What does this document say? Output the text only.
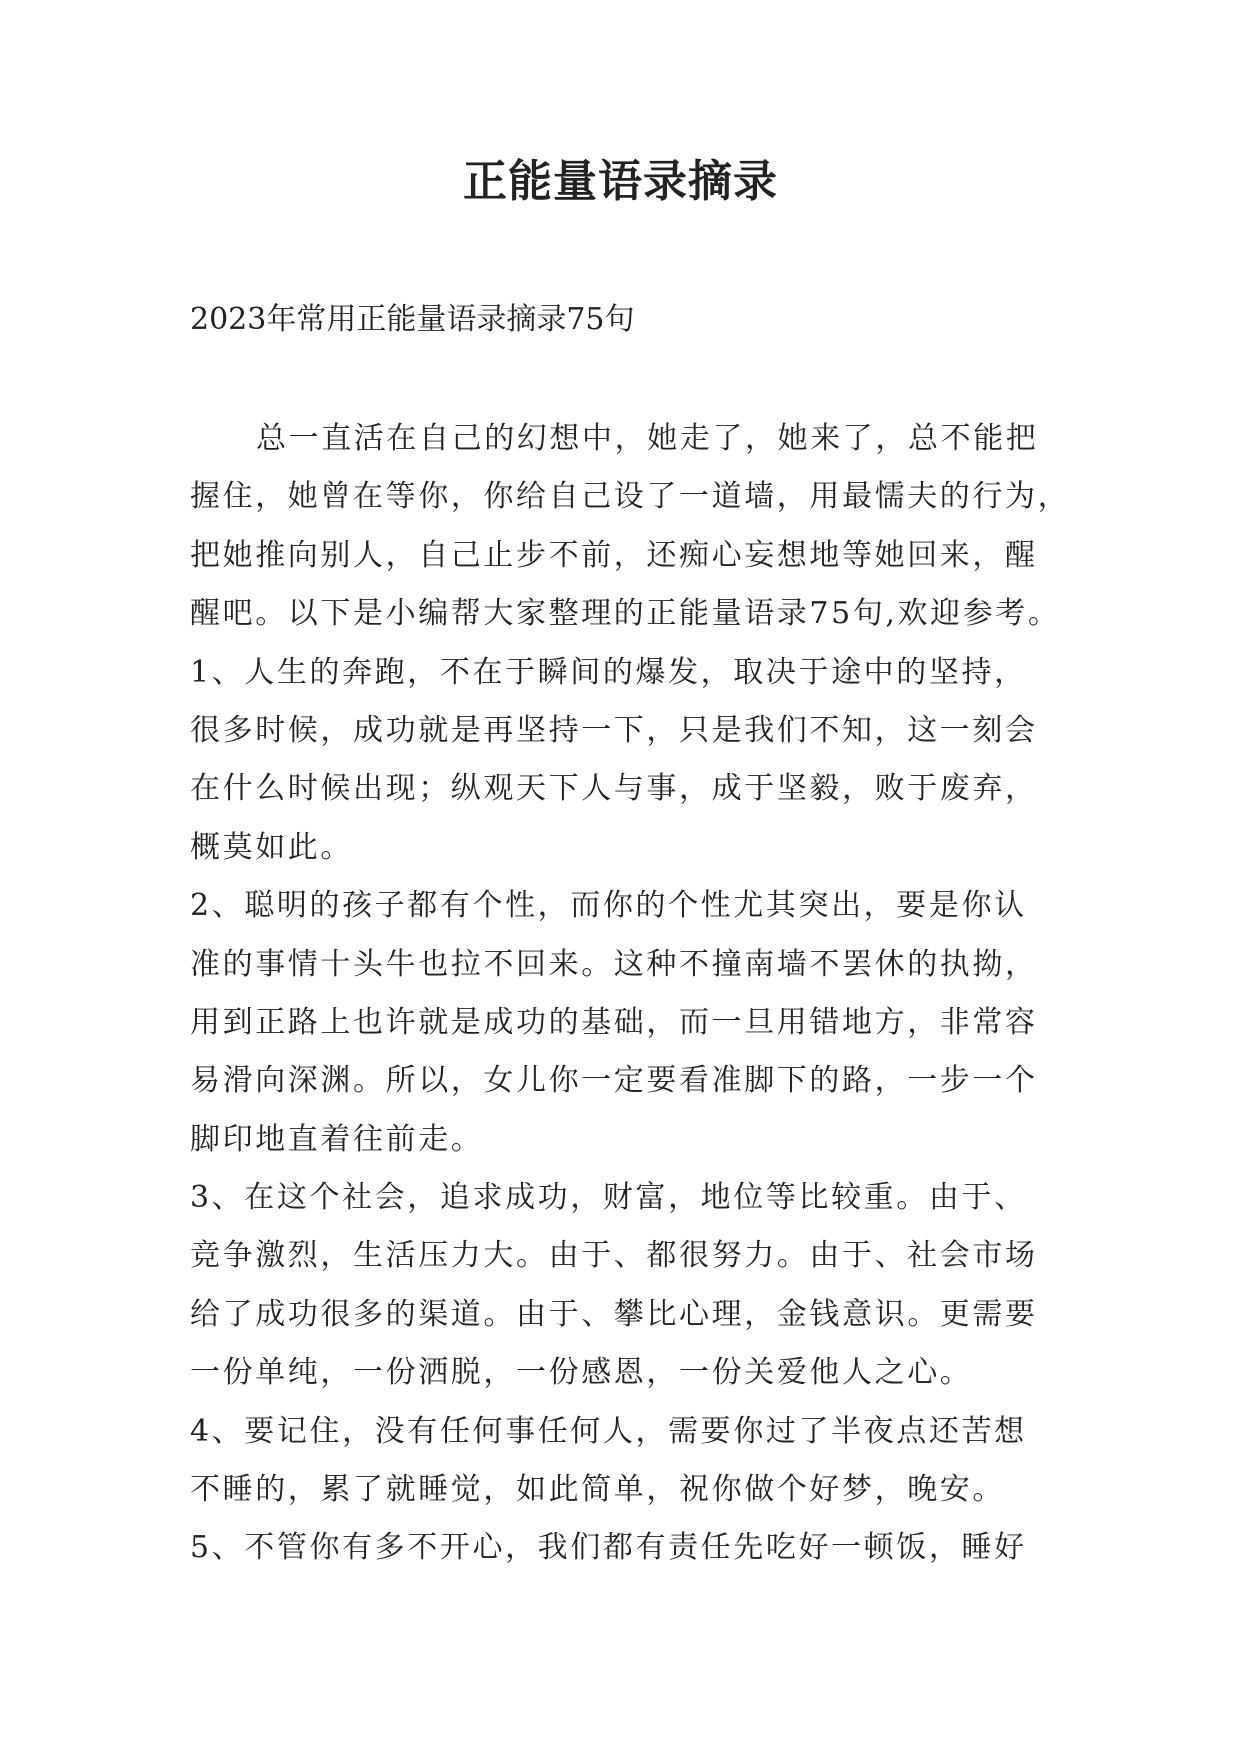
正能量语录摘录

2023年常用正能量语录摘录75句

总一直活在自己的幻想中，她走了，她来了，总不能把
握住，她曾在等你，你给自己设了一道墙，用最懦夫的行为，
把她推向别人，自己止步不前，还痴心妄想地等她回来，醒
醒吧。以下是小编帮大家整理的正能量语录75句,欢迎参考。
1、人生的奔跑，不在于瞬间的爆发，取决于途中的坚持，
很多时候，成功就是再坚持一下，只是我们不知，这一刻会
在什么时候出现；纵观天下人与事，成于坚毅，败于废弃，
概莫如此。
2、聪明的孩子都有个性，而你的个性尤其突出，要是你认
准的事情十头牛也拉不回来。这种不撞南墙不罢休的执拗，
用到正路上也许就是成功的基础，而一旦用错地方，非常容
易滑向深渊。所以，女儿你一定要看准脚下的路，一步一个
脚印地直着往前走。
3、在这个社会，追求成功，财富，地位等比较重。由于、
竞争激烈，生活压力大。由于、都很努力。由于、社会市场
给了成功很多的渠道。由于、攀比心理，金钱意识。更需要
一份单纯，一份洒脱，一份感恩，一份关爱他人之心。
4、要记住，没有任何事任何人，需要你过了半夜点还苦想
不睡的，累了就睡觉，如此简单，祝你做个好梦，晚安。
5、不管你有多不开心，我们都有责任先吃好一顿饭，睡好
